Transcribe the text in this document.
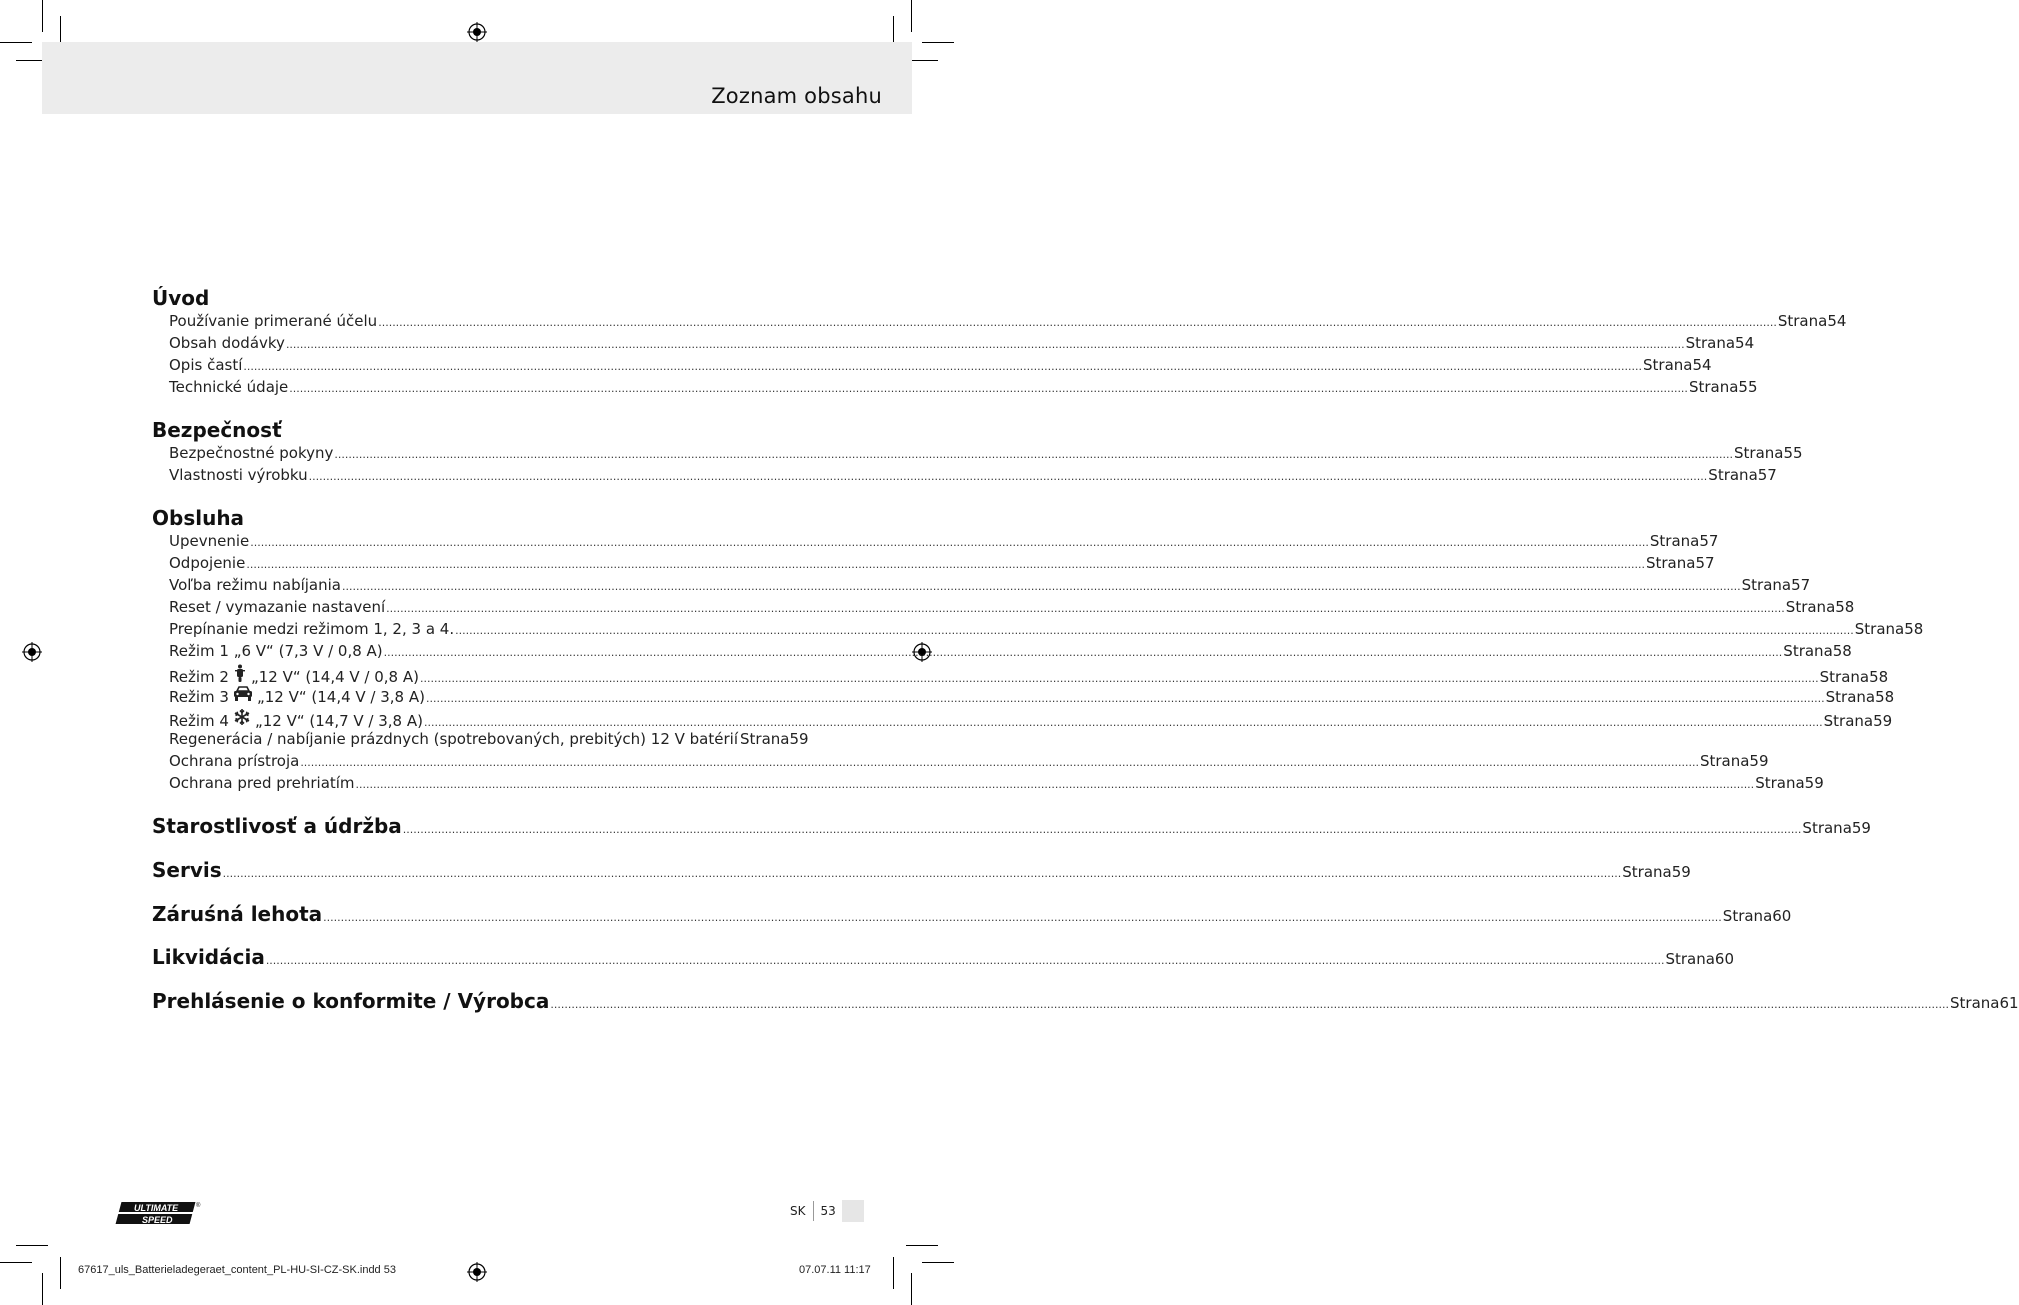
Zoznam obsahu
Úvod
Používanie primerané účelu ................................................................................................................................................................................................................................................................................................................................................................................................................ Strana 54
Obsah dodávky ................................................................................................................................................................................................................................................................................................................................................................................................................ Strana 54
Opis častí ................................................................................................................................................................................................................................................................................................................................................................................................................ Strana 54
Technické údaje ................................................................................................................................................................................................................................................................................................................................................................................................................ Strana 55
Bezpečnosť
Bezpečnostné pokyny ................................................................................................................................................................................................................................................................................................................................................................................................................ Strana 55
Vlastnosti výrobku ................................................................................................................................................................................................................................................................................................................................................................................................................ Strana 57
Obsluha
Upevnenie ................................................................................................................................................................................................................................................................................................................................................................................................................ Strana 57
Odpojenie ................................................................................................................................................................................................................................................................................................................................................................................................................ Strana 57
Voľba režimu nabíjania ................................................................................................................................................................................................................................................................................................................................................................................................................ Strana 57
Reset / vymazanie nastavení ................................................................................................................................................................................................................................................................................................................................................................................................................ Strana 58
Prepínanie medzi režimom 1, 2, 3 a 4. ................................................................................................................................................................................................................................................................................................................................................................................................................ Strana 58
Režim 1 „6 V“ (7,3 V / 0,8 A) ................................................................................................................................................................................................................................................................................................................................................................................................................ Strana 58
Režim 2 „12 V“ (14,4 V / 0,8 A) ................................................................................................................................................................................................................................................................................................................................................................................................................ Strana 58
Režim 3 „12 V“ (14,4 V / 3,8 A) ................................................................................................................................................................................................................................................................................................................................................................................................................ Strana 58
Režim 4 „12 V“ (14,7 V / 3,8 A) ................................................................................................................................................................................................................................................................................................................................................................................................................ Strana 59
Regenerácia / nabíjanie prázdnych (spotrebovaných, prebitých) 12 V batérií Strana 59
Ochrana prístroja ................................................................................................................................................................................................................................................................................................................................................................................................................ Strana 59
Ochrana pred prehriatím ................................................................................................................................................................................................................................................................................................................................................................................................................ Strana 59
Starostlivosť a údržba ................................................................................................................................................................................................................................................................................................................................................................................................................ Strana 59
Servis ................................................................................................................................................................................................................................................................................................................................................................................................................ Strana 59
Záruśná lehota ................................................................................................................................................................................................................................................................................................................................................................................................................ Strana 60
Likvidácia ................................................................................................................................................................................................................................................................................................................................................................................................................ Strana 60
Prehlásenie o konformite / Výrobca ................................................................................................................................................................................................................................................................................................................................................................................................................ Strana 61
ULTIMATE
SPEED
®	SK 53
67617_uls_Batterieladegeraet_content_PL-HU-SI-CZ-SK.indd 53	07.07.11 11:17
